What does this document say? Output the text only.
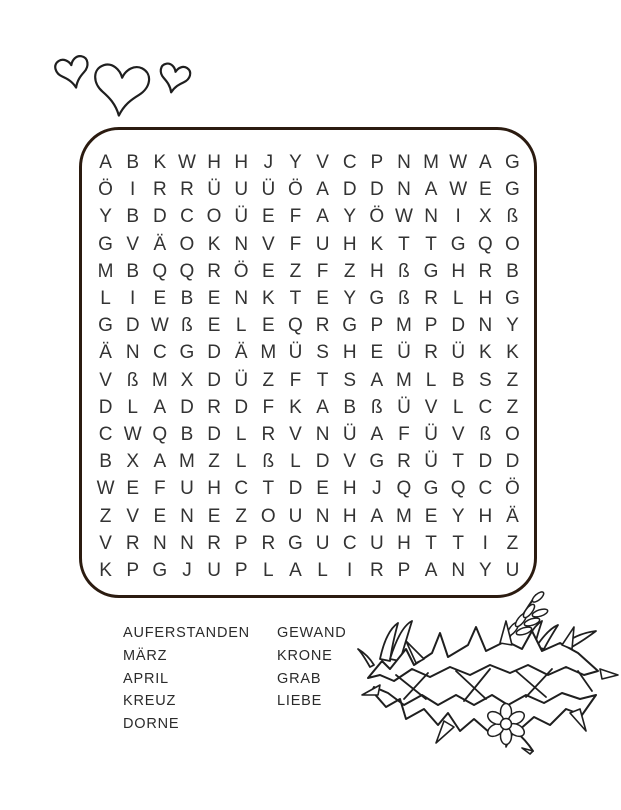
A B K W H H J Y V C P N M W A G
Ö I R R Ü U Ü Ö A D D N A W E G
Y B D C O Ü E F A Y Ö W N I X ß
G V Ä O K N V F U H K T T G Q O
M B Q Q R Ö E Z F Z H ß G H R B
L	I E B E N K T E Y G ß R L H G
G D W ß E L E Q R G P M P D N Y
Ä N C G D Ä M Ü S H E Ü R Ü K K
V ß M X D Ü Z F T S A M L B S Z
D L A D R D F K A B ß Ü V L C Z
C W Q B D L R V N Ü A F Ü V ß O
B X A M Z L ß L D V G R Ü T D D
W E F U H C T D E H J Q G Q C Ö
Z V E N E Z O U N H A M E Y H Ä
V R N N R P R G U C U H T T I Z
K P G J U P L A L	I R P A N Y U
AUFERSTANDEN
MÄRZ
APRIL
KREUZ
DORNE
GEWAND
KRONE
GRAB
LIEBE
